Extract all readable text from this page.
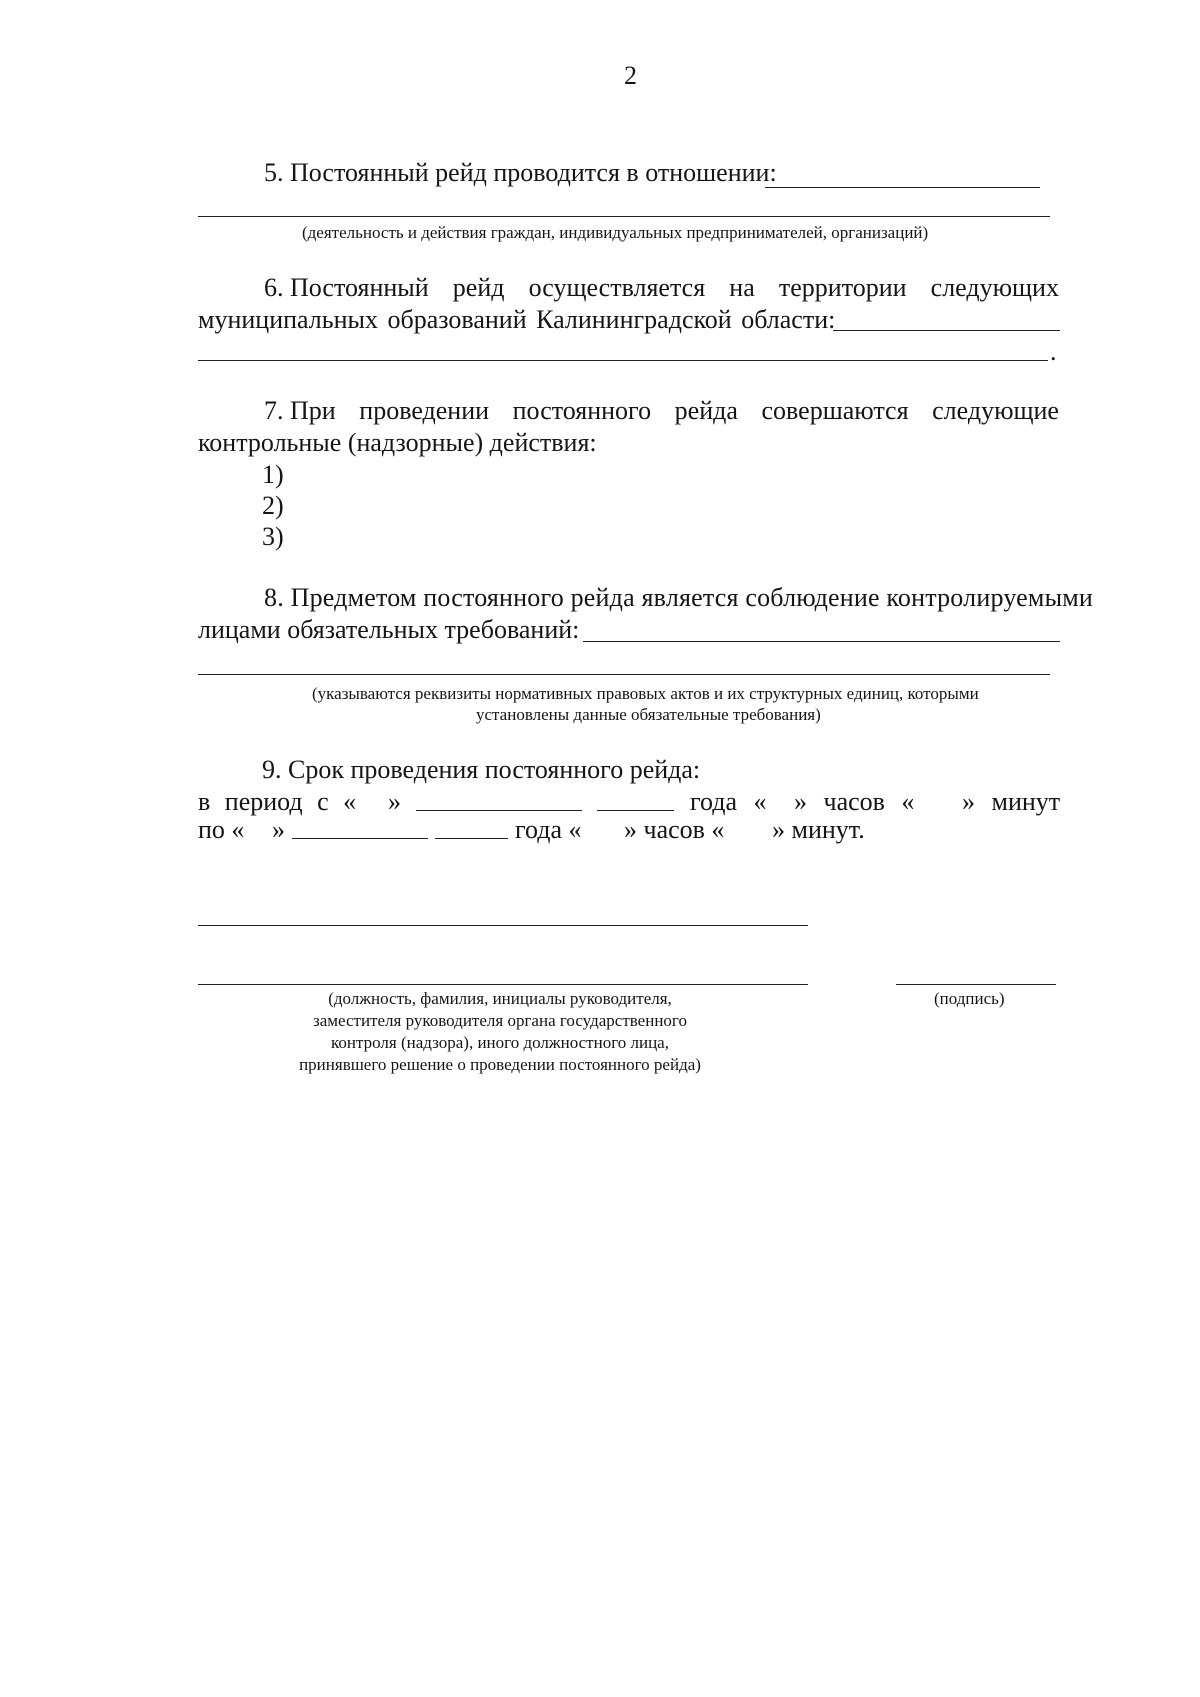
2
5. Постоянный рейд проводится в отношении:
(деятельность и действия граждан, индивидуальных предпринимателей, организаций)
6. Постоянный рейд осуществляется на территории следующих
муниципальных образований Калининградской области:
.
7. При проведении постоянного рейда совершаются следующие
контрольные (надзорные) действия:
1)
2)
3)
8. Предметом постоянного рейда является соблюдение контролируемыми
лицами обязательных требований:
(указываются реквизиты нормативных правовых актов и их структурных единиц, которыми
установлены данные обязательные требования)
9. Срок проведения постоянного рейда:
в период с « »	года « » часов « » минут
по « »	года « » часов « » минут.
(должность, фамилия, инициалы руководителя,
заместителя руководителя органа государственного
контроля (надзора), иного должностного лица,
принявшего решение о проведении постоянного рейда)
(подпись)
